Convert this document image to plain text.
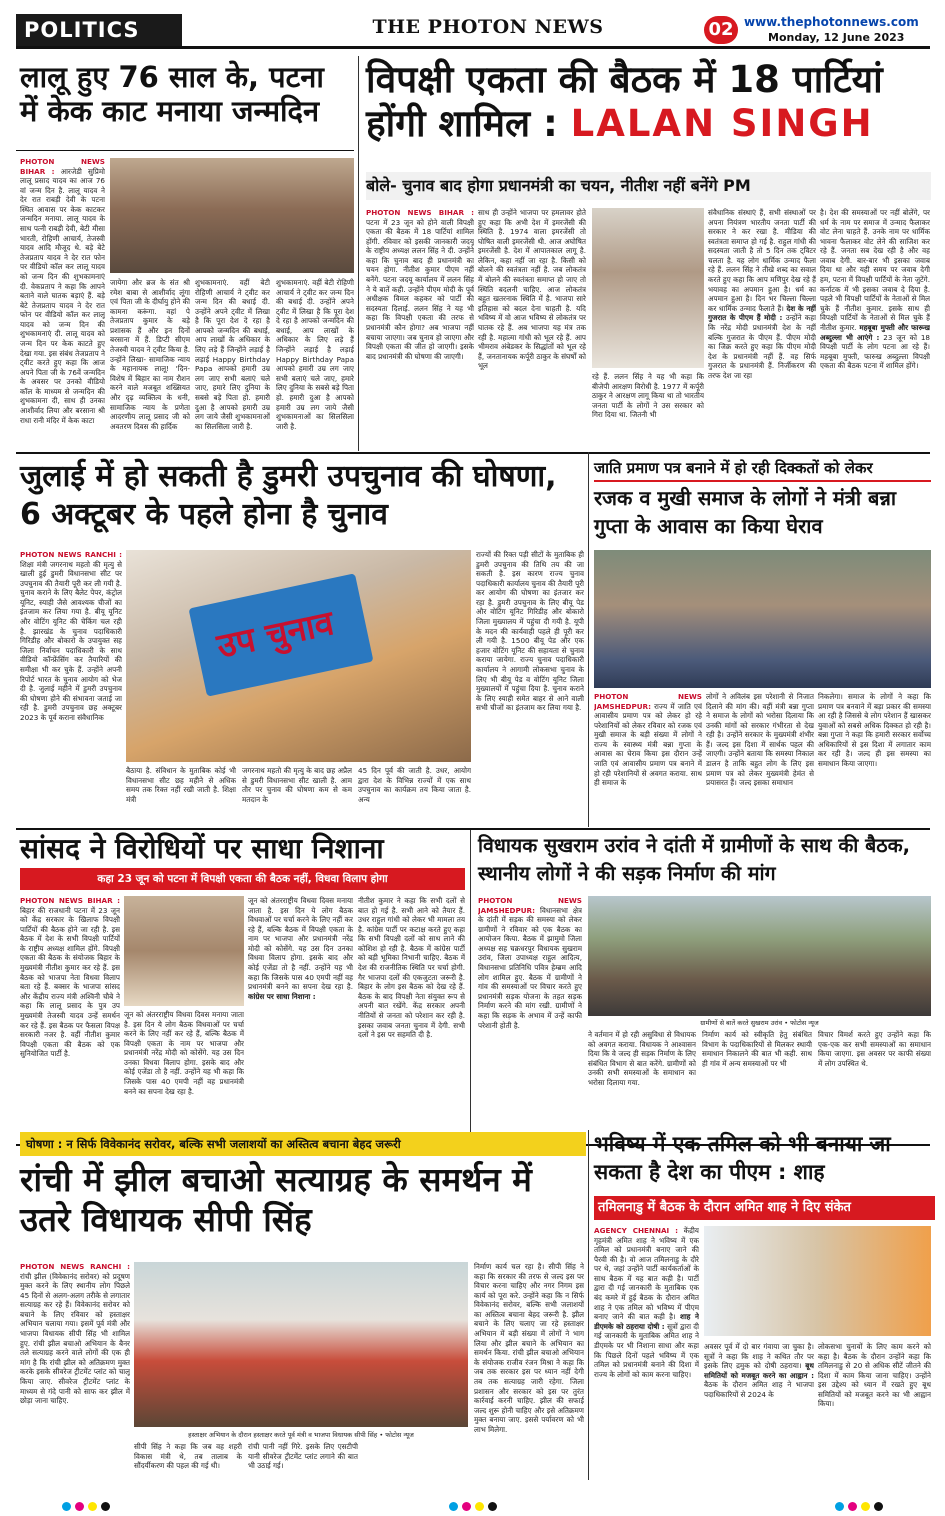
POLITICS	THE PHOTON NEWS	02 www.thephotonnews.com
Monday, 12 June 2023
लालू हुए 76 साल के, पटना में केक काट मनाया जन्मदिन
PHOTON NEWS BIHAR : आरजेडी सुप्रिमो लालू प्रसाद यादव का आज 76 वां जन्म दिन है. लालू यादव ने देर रात राबड़ी देवी के पटना स्थित आवास पर केक काटकर जन्मदिन मनाया. लालू यादव के साथ पत्नी राबड़ी देवी, बेटी मीसा भारती, रोहिणी आचार्य, तेजस्वी यादव आदि मौजूद थे. बड़े बेटे तेजप्रताप यादव ने देर रात फोन पर वीडियो कॉल कर लालू यादव को जन्म दिन की शुभकामनाएं दी. वेकप्रताप ने कहा कि आपने बताने वाले घातक बड़ाएं हैं. बड़े बेटे तेजप्रताप यादव ने देर रात फोन पर वीडियो कॉल कर लालू यादव को जन्म दिन की शुभकामनाएं दी. लालू यादव को जन्म दिन पर केक काटते हुए देखा गया. इस संबंध तेजप्रताप ने ट्वीट करते हुए कहा कि आज अपने पिता जी के 76वें जन्मदिन के अवसर पर उनको वीडियो कॉल के माध्यम से जन्मदिन की शुभकामना दी, साथ ही उनका आशीर्वाद लिया और बरसाना श्री राधा रानी मंदिर में केक काटा
जायेगा और ब्रज के संत श्री रमेश बाबा से आशीर्वाद लूंगा एवं पिता जी के दीर्घायु होने की कामना करूंगा. वहां पे तेजप्रताप कुमार के बड़े प्रशासक हैं और इन दिनों बरसाना में हैं. डिप्टी सीएम तेजस्वी यादव ने ट्वीट किया है. उन्होंने लिखा- सामाजिक न्याय के महानायक लालू! 'दिन-विशेष में बिहार का नाम रौशन करने वाले मजबूत शख्सियत और दृढ़ व्यक्तित्व के धनी, सामाजिक न्याय के प्रणेता आदरणीय लालू प्रसाद जी को अवतरण दिवस की हार्दिक
शुभकामनाएं. वहीं बेटी रोहिणी आचार्य ने ट्वीट कर जन्म दिन की बधाई दी. उन्होंने अपने ट्वीट में लिखा है कि पूरा देश दे रहा है आपको जन्मदिन की बधाई, आप लाखों के अधिकार के लिए लड़े हैं जिन्होंने लड़ाई है लड़ाई Happy Birthday Papa आपको हमारी उम्र लग जाए सभी बलाएं चले जाए, हमारे लिए दुनिया के सबसे बड़े पिता हो. हमारी दुआ है आपको हमारी उम्र लग जाये जैसी शुभकामनाओं का सिलसिला जारी है.
शुभकामनाएं. वहीं बेटी रोहिणी आचार्य ने ट्वीट कर जन्म दिन की बधाई दी. उन्होंने अपने ट्वीट में लिखा है कि पूरा देश दे रहा है आपको जन्मदिन की बधाई, आप लाखों के अधिकार के लिए लड़े हैं जिन्होंने लड़ाई है लड़ाई Happy Birthday Papa आपको हमारी उम्र लग जाए सभी बलाएं चले जाए, हमारे लिए दुनिया के सबसे बड़े पिता हो. हमारी दुआ है आपको हमारी उम्र लग जाये जैसी शुभकामनाओं का सिलसिला जारी है.
विपक्षी एकता की बैठक में 18 पार्टियां होंगी शामिल : LALAN SINGH
बोले- चुनाव बाद होगा प्रधानमंत्री का चयन, नीतीश नहीं बनेंगे PM
PHOTON NEWS BIHAR : पटना में 23 जून को होने वाली विपक्षी एकता की बैठक में 18 पार्टियां शामिल होंगी. रविवार को इसकी जानकारी जदयू के राष्ट्रीय अध्यक्ष ललन सिंह ने दी. उन्होंने कहा कि चुनाव बाद ही प्रधानमंत्री का चयन होगा. नीतीश कुमार पीएम नहीं बनेंगे. पटना जदयू कार्यालय में ललन सिंह ने ये बातें कही. उन्होंने पीएम मोदी के पूर्व अधीक्षक विमल कहकर को पार्टी की सदस्यता दिलाई. ललन सिंह ने यह भी कहा कि विपक्षी एकता की तरफ से प्रधानमंत्री कौन होगा? अब भाजपा नहीं बचाया जाएगा। जब चुनाव हो जाएगा और विपक्षी एकता की जीत हो जाएगी। इसके बाद प्रधानमंत्री की घोषणा की जाएगी।
साथ ही उन्होंने भाजपा पर हमलावर होते हुए कहा कि अभी देश में इमरजेंसी की स्थिति है. 1974 वाला इमरजेंसी तो घोषित वाली इमरजेंसी थी. आज अघोषित इमरजेंसी है. देश में आपातकाल लागू है. लेकिन, कहा नहीं जा रहा है. किसी को बोलने की स्वतंत्रता नहीं है. जब लोकतंत्र में बोलने की स्वतंत्रता समाप्त हो जाए तो स्थिति बदलनी चाहिए. आज लोकतंत्र बहुत खतरनाक स्थिति में है. भाजपा सारे इतिहास को बदल देना चाहती है. यदि भविष्य में वो आज भविष्य से लोकतंत्र पर घातक रहे हैं. अब भाजपा यह मंत्र तक रही है. महात्मा गांधी को भूल रहे हैं. आप भीमराव अंबेडकर के सिद्धांतों को भूल रहे हैं, जनतानायक कर्पूरी ठाकुर के संघर्षों को भूल
रहे हैं. ललन सिंह ने यह भी कहा कि बीजेपी आरक्षण विरोधी है. 1977 में कर्पूरी ठाकुर ने आरक्षण लागू किया था तो भारतीय जनता पार्टी के लोगों ने उस सरकार को गिरा दिया था. जितनी भी
संवैधानिक संस्थाएं हैं, सभी संस्थाओं पर अपना नियंत्रण भारतीय जनता पार्टी की सरकार ने कर रखा है. मीडिया की स्वतंत्रता समाप्त हो गई है. राहुल गांधी की सदस्यता जाती है तो 5 दिन तक ट्विटर चलता है. यह लोग धार्मिक उन्माद फैला रहे हैं. ललन सिंह ने तीखे शब्द का सवाल करते हुए कहा कि आप मणिपुर देख रहे हैं भयावह का अपमान हुआ है। धर्म का अपमान हुआ है। दिन भर चिल्ला चिल्ला कर धार्मिक उन्माद फैलाते हैं। देश के नहीं गुजरात के पीएम हैं मोदी : उन्होंने कहा कि नरेंद्र मोदी प्रधानमंत्री देश के नहीं बल्कि गुजरात के पीएम हैं. पीएम मोदी का जिक्र करते हुए कहा कि पीएम मोदी देश के प्रधानमंत्री नहीं हैं. वह सिर्फ गुजरात के प्रधानमंत्री हैं. निर्जीकरण की तरफ देश जा रहा
है। देश की समस्याओं पर नहीं बोलेंगे, पर धर्म के नाम पर समाज में उन्माद फैलाकर वोट लेना चाहते हैं. उनके नाम पर धार्मिक भावना फैलाकर वोट लेने की साजिश कर रहे हैं. जनता सब देख रही है और वह जवाब देगी. बार-बार भी इसका जवाब दिया था और यही समय पर जवाब देगी हम, पटना में विपक्षी पार्टियों के नेता जुटेंगे. कर्नाटक में भी इसका जवाब दे दिया है. पहले भी विपक्षी पार्टियों के नेताओं से मिल चुके हैं नीतीश कुमार. इसके साथ ही विपक्षी पार्टियों के नेताओं से मिल चुके हैं नीतीश कुमार. महबूबा मुफ्ती और फारूख अब्दुल्ला भी आएंगे : 23 जून को 18 विपक्षी पार्टी के लोग पटना आ रहे हैं। महबूबा मुफ्ती, फारुख अब्दुल्ला विपक्षी एकता की बैठक पटना में शामिल होंगे।
जुलाई में हो सकती है डुमरी उपचुनाव की घोषणा, 6 अक्टूबर के पहले होना है चुनाव
PHOTON NEWS RANCHI : शिक्षा मंत्री जगरनाथ महतो की मृत्यु से खाली हुई डुमरी विधानसभा सीट पर उपचुनाव की तैयारी पूरी कर ली गयी है. चुनाव कराने के लिए बैलेट पेपर, कंट्रोल यूनिट, स्याही जैसे आवश्यक चीजों का इंतजाम कर लिया गया है. बीयू यूनिट और वोटिंग यूनिट की चेकिंग चल रही है. झारखंड के चुनाव पदाधिकारी गिरिडीह और बोकारो के उपायुक्त सह जिला निर्वाचन पदाधिकारी के साथ वीडियो कॉन्फ्रेंसिंग कर तैयारियों की समीक्षा भी कर चुके हैं. उन्होंने अपनी रिपोर्ट भारत के चुनाव आयोग को भेज दी है. जुलाई महीने में डुमरी उपचुनाव की घोषणा होने की संभावना जताई जा रही है. डुमरी उपचुनाव छह अक्टूबर 2023 के पूर्व कराना संवैधानिक
उप चुनाव
बैठाया है. संविधान के मुताबिक कोई भी विधानसभा सीट छह महीने से अधिक समय तक रिक्त नहीं रखी जाती है. शिक्षा मंत्री
जगरनाथ महतो की मृत्यु के बाद छह अप्रैल से डुमरी विधानसभा सीट खाली है. आम तौर पर चुनाव की घोषणा कम से कम मतदान के
45 दिन पूर्व की जाती है. उधर, आयोग द्वारा देश के विभिन्न राज्यों में एक साथ उपचुनाव का कार्यक्रम तय किया जाता है. अन्य
राज्यों की रिक्त पड़ी सीटों के मुताबिक ही डुमरी उपचुनाव की तिथि तय की जा सकती है. इस कारण राज्य चुनाव पदाधिकारी कार्यालय चुनाव की तैयारी पूरी कर आयोग की घोषणा का इंतजार कर रहा है. डुमरी उपचुनाव के लिए बीयू पेड और वोटिंग यूनिट गिरिडीह और बोकारो जिला मुख्यालय में पहुंचा दी गयी है. यूपी के मदन की कार्यवाही पहले ही पूरी कर ली गयी है. 1500 बीयू पेड और एक हजार वोटिंग यूनिट की सहायता से चुनाव कराया जायेगा. राज्य चुनाव पदाधिकारी कार्यालय ने आगामी लोकसभा चुनाव के लिए भी बीयू पेड व वोटिंग यूनिट जिला मुख्यालयों में पहुंचा दिया है. चुनाव कराने के लिए स्याही समेत बाहर से आने वाली सभी चीजों का इंतजाम कर लिया गया है.
जाति प्रमाण पत्र बनाने में हो रही दिक्कतों को लेकर
रजक व मुखी समाज के लोगों ने मंत्री बन्ना गुप्ता के आवास का किया घेराव
PHOTON NEWS JAMSHEDPUR: राज्य में जाति एवं आवासीय प्रमाण पत्र को लेकर हो रहे परेशानियों को लेकर रविवार को रजक एवं मुखी समाज के बड़ी संख्या में लोगों ने राज्य के स्वास्थ्य मंत्री बन्ना गुप्ता के आवास का घेराव किया इस दौरान उन्हें जाति एवं आवासीय प्रमाण पत्र बनाने में हो रही परेशानियों से अवगत कराया. साथ ही समाज के
लोगों ने अविलंब इस परेशानी से निजात दिलाने की मांग की। वहीं मंत्री बन्ना गुप्ता ने समाज के लोगों को भरोसा दिलाया कि उनकी मांगों को सरकार गंभीरता से देख रही है। उन्होंने सरकार के मुख्यमंत्री शंभीर हैं। जल्द इस दिशा में सार्थक पहल की जाएगी। उन्होंने बताया कि समस्या निकाल डालन है ताकि बहुत लोग के लिए इस प्रमाण पत्र को लेकर मुख्यमंत्री हेमंत से प्रयासरत हैं। जल्द इसका समाधान
निकलेगा। समाज के लोगों ने कहा कि प्रमाण पत्र बनवाने में बड़ा प्रकार की समस्या आ रही है जिससे बे लोग परेशान हैं खासकर युवाओं को सबसे अधिक दिक्कत हो रही है। बन्ना गुप्ता ने कहा कि हमारी सरकार सर्वोच्च अधिकारियों से इस दिशा में लगातार काम कर रही है। जल्द ही इस समस्या का समाधान किया जाएगा।
सांसद ने विरोधियों पर साधा निशाना
कहा 23 जून को पटना में विपक्षी एकता की बैठक नहीं, विधवा विलाप होगा
PHOTON NEWS BIHAR : बिहार की राजधानी पटना में 23 जून को केंद्र सरकार के खिलाफ विपक्षी पार्टियों की बैठक होने जा रही है. इस बैठक में देश के सभी विपक्षी पार्टियों के राष्ट्रीय अध्यक्ष शामिल होंगे. विपक्षी एकता की बैठक के संयोजक बिहार के मुख्यमंत्री नीतीश कुमार कर रहे हैं. इस बैठक को भाजपा नेता विधवा विलाप बता रहे हैं. बक्सर के भाजपा सांसद और केंद्रीय राज्य मंत्री अश्विनी चौबे ने कहा कि लालू प्रसाद के पुत्र उप मुख्यमंत्री तेजस्वी यादव उन्हें समर्थन कर रहे हैं. इस बैठक पर फैसला विपक्ष सरकारी नजर है. वहीं नीतीश कुमार विपक्षी एकता की बैठक को एक सुनियोजित पार्टी है.
जून को अंतरराष्ट्रीय विधवा दिवस मनाया जाता है. इस दिन ये लोग बैठक विधवाओं पर चर्चा करने के लिए नहीं कर रहे हैं, बल्कि बैठक में विपक्षी एकता के नाम पर भाजपा और प्रधानमंत्री नरेंद्र मोदी को कोसेंगे. यह उस दिन उनका विधवा विलाप होगा. इसके बाद और कोई एजेंडा तो है नहीं. उन्होंने यह भी कहा कि जिसके पास 40 एमपी नहीं वह प्रधानमंत्री बनने का सपना देख रहा है.
जून को अंतरराष्ट्रीय विधवा दिवस मनाया जाता है. इस दिन ये लोग बैठक विधवाओं पर चर्चा करने के लिए नहीं कर रहे हैं, बल्कि बैठक में विपक्षी एकता के नाम पर भाजपा और प्रधानमंत्री नरेंद्र मोदी को कोसेंगे. यह उस दिन उनका विधवा विलाप होगा. इसके बाद और कोई एजेंडा तो है नहीं. उन्होंने यह भी कहा कि जिसके पास 40 एमपी नहीं वह प्रधानमंत्री बनने का सपना देख रहा है. कांग्रेस पर साधा निशाना :
नीतीश कुमार ने कहा कि सभी दलों से बात हो गई है. सभी आने को तैयार हैं. उधर राहुल गांधी को लेकर भी मामला तय है. कांग्रेस पार्टी पर कटाक्ष करते हुए कहा कि सभी विपक्षी दलों को साथ लाने की कोशिश हो रही है. बैठक में कांग्रेस पार्टी को बड़ी भूमिका निभानी चाहिए. बैठक में देश की राजनीतिक स्थिति पर चर्चा होगी. गैर भाजपा दलों की एकजुटता जरूरी है. बिहार के लोग इस बैठक को देख रहे हैं. बैठक के बाद विपक्षी नेता संयुक्त रूप से अपनी बात रखेंगे. केंद्र सरकार अपनी नीतियों से जनता को परेशान कर रही है. इसका जवाब जनता चुनाव में देगी. सभी दलों ने इस पर सहमति दी है.
विधायक सुखराम उरांव ने दांती में ग्रामीणों के साथ की बैठक, स्थानीय लोगों ने की सड़क निर्माण की मांग
PHOTON NEWS JAMSHEDPUR: विधानसभा क्षेत्र के दांती में सड़क की समस्या को लेकर ग्रामीणों ने रविवार को एक बैठक का आयोजन किया. बैठक में झामुमो जिला अध्यक्ष सह चक्रधरपुर विधायक सुखराम उरांव, जिला उपाध्यक्ष राहुल आदित्य, विधानसभा प्रतिनिधि पवित्र हेम्ब्रम आदि लोग शामिल हुए. बैठक में ग्रामीणों ने गांव की समस्याओं पर विचार करते हुए प्रधानमंत्री सड़क योजना के तहत सड़क निर्माण करने की मांग रखी. ग्रामीणों ने कहा कि सड़क के अभाव में उन्हें काफी परेशानी होती है.	ग्रामीणों से बातें करते सुखराम उरांव • फोटोस न्यूज
ने वर्तमान में हो रही असुविधा से विधायक को अवगत कराया. विधायक ने आश्वासन दिया कि वे जल्द ही सड़क निर्माण के लिए संबंधित विभाग से बात करेंगे. ग्रामीणों को उनकी सभी समस्याओं के समाधान का भरोसा दिलाया गया.
निर्माण कार्य को स्वीकृति हेतु संबंधित विभाग के पदाधिकारियों से मिलकर स्थायी समाधान निकालने की बात भी कही. साथ ही गांव में अन्य समस्याओं पर भी
विचार विमर्श करते हुए उन्होंने कहा कि एक-एक कर सभी समस्याओं का समाधान किया जाएगा. इस अवसर पर काफी संख्या में लोग उपस्थित थे.
घोषणा : न सिर्फ विवेकानंद सरोवर, बल्कि सभी जलाशयों का अस्तित्व बचाना बेहद जरूरी
रांची में झील बचाओ सत्याग्रह के समर्थन में उतरे विधायक सीपी सिंह
PHOTON NEWS RANCHI : रांची झील (विवेकानंद सरोवर) को प्रदूषण मुक्त करने के लिए स्थानीय लोग पिछले 45 दिनों से अलग-अलग तरीके से लगातार सत्याग्रह कर रहे हैं। विवेकानंद सरोवर को बचाने के लिए रविवार को हस्ताक्षर अभियान चलाया गया। इसमें पूर्व मंत्री और भाजपा विधायक सीपी सिंह भी शामिल हुए. रांची झील बचाओ अभियान के बैनर तले सत्याग्रह करने वाले लोगों की एक ही मांग है कि रांची झील को अतिक्रमण मुक्त करके इसके सीवरेज ट्रीटमेंट प्लांट को चालू किया जाए. सीवरेज ट्रीटमेंट प्लांट के माध्यम से गंदे पानी को साफ कर झील में छोड़ा जाना चाहिए.
हस्ताक्षर अभियान के दौरान हस्ताक्षर करते पूर्व मंत्री व भाजपा विधायक सीपी सिंह • फोटोस न्यूज
सीपी सिंह ने कहा कि जब वह शहरी विकास मंत्री थे, तब तालाब के सौंदर्यीकरण की पहल की गई थी।
रांची पानी नहीं गिरे. इसके लिए एसटीपी यानी सीवरेज ट्रीटमेंट प्लांट लगाने की बात भी उठाई गई।
निर्माण कार्य चल रहा है। सीपी सिंह ने कहा कि सरकार की तरफ से जल्द इस पर विचार करना चाहिए और नगर निगम इस कार्य को पूरा करे. उन्होंने कहा कि न सिर्फ विवेकानंद सरोवर, बल्कि सभी जलाशयों का अस्तित्व बचाना बेहद जरूरी है. झील बचाने के लिए चलाए जा रहे हस्ताक्षर अभियान में बड़ी संख्या में लोगों ने भाग लिया और झील बचाने के अभियान का समर्थन किया. रांची झील बचाओ अभियान के संयोजक राजीव रंजन मिश्रा ने कहा कि जब तक सरकार इस पर ध्यान नहीं देगी तब तक सत्याग्रह जारी रहेगा. जिला प्रशासन और सरकार को इस पर तुरंत कार्रवाई करनी चाहिए. झील की सफाई जल्द शुरू होनी चाहिए और इसे अतिक्रमण मुक्त बनाया जाए. इससे पर्यावरण को भी लाभ मिलेगा.
भविष्य में एक तमिल को भी बनाया जा सकता है देश का पीएम : शाह
तमिलनाडु में बैठक के दौरान अमित शाह ने दिए संकेत
AGENCY CHENNAI : केंद्रीय गृहमंत्री अमित शाह ने भविष्य में एक तमिल को प्रधानमंत्री बनाए जाने की पैरवी की है। वो आज तमिलनाडु के दौरे पर थे, जहां उन्होंने पार्टी कार्यकर्ताओं के साथ बैठक में यह बात कही है। पार्टी द्वारा दी गई जानकारी के मुताबिक एक बंद कमरे में हुई बैठक के दौरान अमित शाह ने एक तमिल को भविष्य में पीएम बनाए जाने की बात कही है। शाह ने डीएमके को ठहराया दोषी : सूत्रों द्वारा दी गई जानकारी के मुताबिक अमित शाह ने डीएमके पर भी निशाना साधा और कहा कि पिछले दिनों पहले भविष्य में एक तमिल को प्रधानमंत्री बनाने की दिशा में राज्य के लोगों को काम करना चाहिए।
अवसर पूर्व में दो बार गंवाया जा चुका है। सूत्रों ने कहा कि शाह ने कथित तौर पर इसके लिए द्रमुक को दोषी ठहराया। बूथ समितियों को मजबूत करने का आह्वान : बैठक के दौरान अमित शाह ने भाजपा पदाधिकारियों से 2024 के
लोकसभा चुनावों के लिए काम करने को कहा है। बैठक के दौरान उन्होंने कहा कि तमिलनाडु से 20 से अधिक सीटें जीतने की दिशा में काम किया जाना चाहिए। उन्होंने इस उद्देश्य को ध्यान में रखते हुए बूथ समितियों को मजबूत करने का भी आह्वान किया।
